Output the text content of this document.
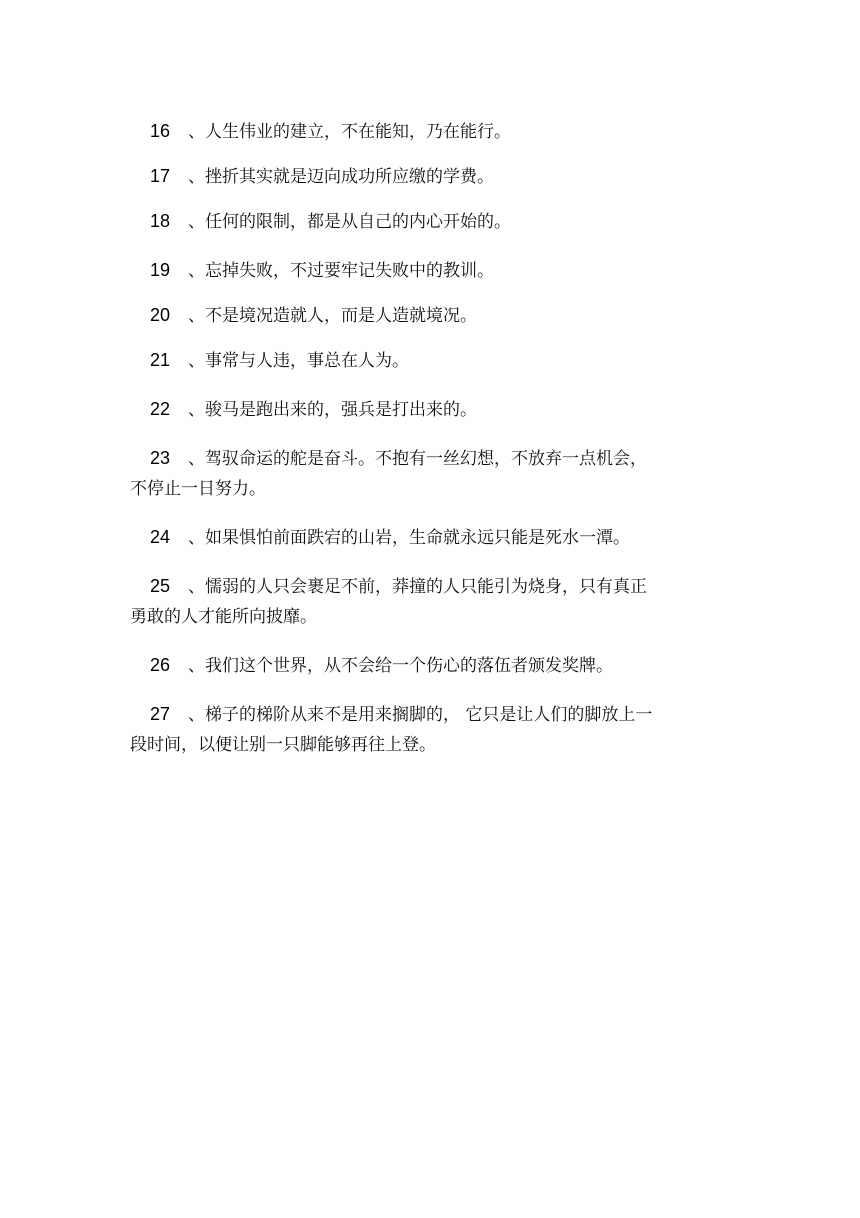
16 、人生伟业的建立，不在能知，乃在能行。

17 、挫折其实就是迈向成功所应缴的学费。

18 、任何的限制，都是从自己的内心开始的。

19 、忘掉失败，不过要牢记失败中的教训。

20 、不是境况造就人，而是人造就境况。

21 、事常与人违，事总在人为。

22 、骏马是跑出来的，强兵是打出来的。

23 、驾驭命运的舵是奋斗。不抱有一丝幻想，不放弃一点机会，
不停止一日努力。

24 、如果惧怕前面跌宕的山岩，生命就永远只能是死水一潭。

25 、懦弱的人只会裹足不前，莽撞的人只能引为烧身，只有真正
勇敢的人才能所向披靡。

26 、我们这个世界，从不会给一个伤心的落伍者颁发奖牌。

27 、梯子的梯阶从来不是用来搁脚的， 它只是让人们的脚放上一
段时间，以便让别一只脚能够再往上登。
